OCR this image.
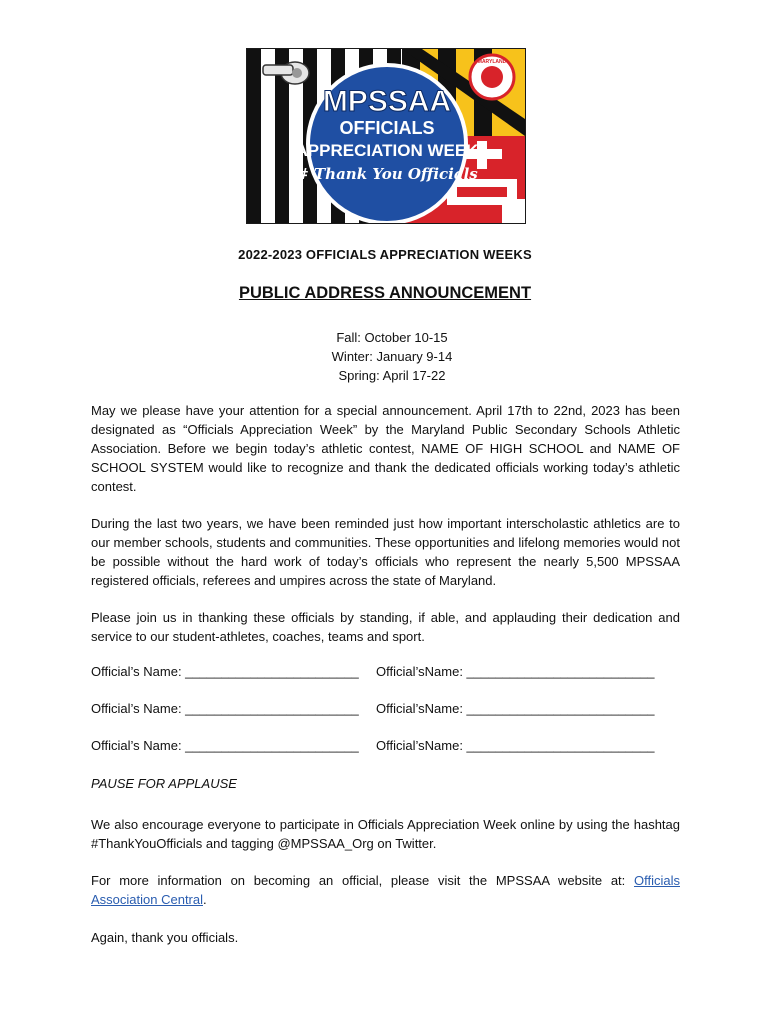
MARYLAND
MPSSAA
OFFICIALS
APPRECIATION WEEK
# Thank You Officials
2022-2023 OFFICIALS APPRECIATION WEEKS
PUBLIC ADDRESS ANNOUNCEMENT
Fall: October 10-15
Winter: January 9-14
Spring: April 17-22
May we please have your attention for a special announcement. April 17th to 22nd, 2023 has been designated as “Officials Appreciation Week” by the Maryland Public Secondary Schools Athletic Association. Before we begin today’s athletic contest, NAME OF HIGH SCHOOL and NAME OF SCHOOL SYSTEM would like to recognize and thank the dedicated officials working today’s athletic contest.
During the last two years, we have been reminded just how important interscholastic athletics are to our member schools, students and communities. These opportunities and lifelong memories would not be possible without the hard work of today’s officials who represent the nearly 5,500 MPSSAA registered officials, referees and umpires across the state of Maryland.
Please join us in thanking these officials by standing, if able, and applauding their dedication and service to our student-athletes, coaches, teams and sport.
Official’s Name: ________________________ Official’sName: __________________________
Official’s Name: ________________________ Official’sName: __________________________
Official’s Name: ________________________ Official’sName: __________________________
PAUSE FOR APPLAUSE
We also encourage everyone to participate in Officials Appreciation Week online by using the hashtag #ThankYouOfficials and tagging @MPSSAA_Org on Twitter.
For more information on becoming an official, please visit the MPSSAA website at: Officials Association Central.
Again, thank you officials.
